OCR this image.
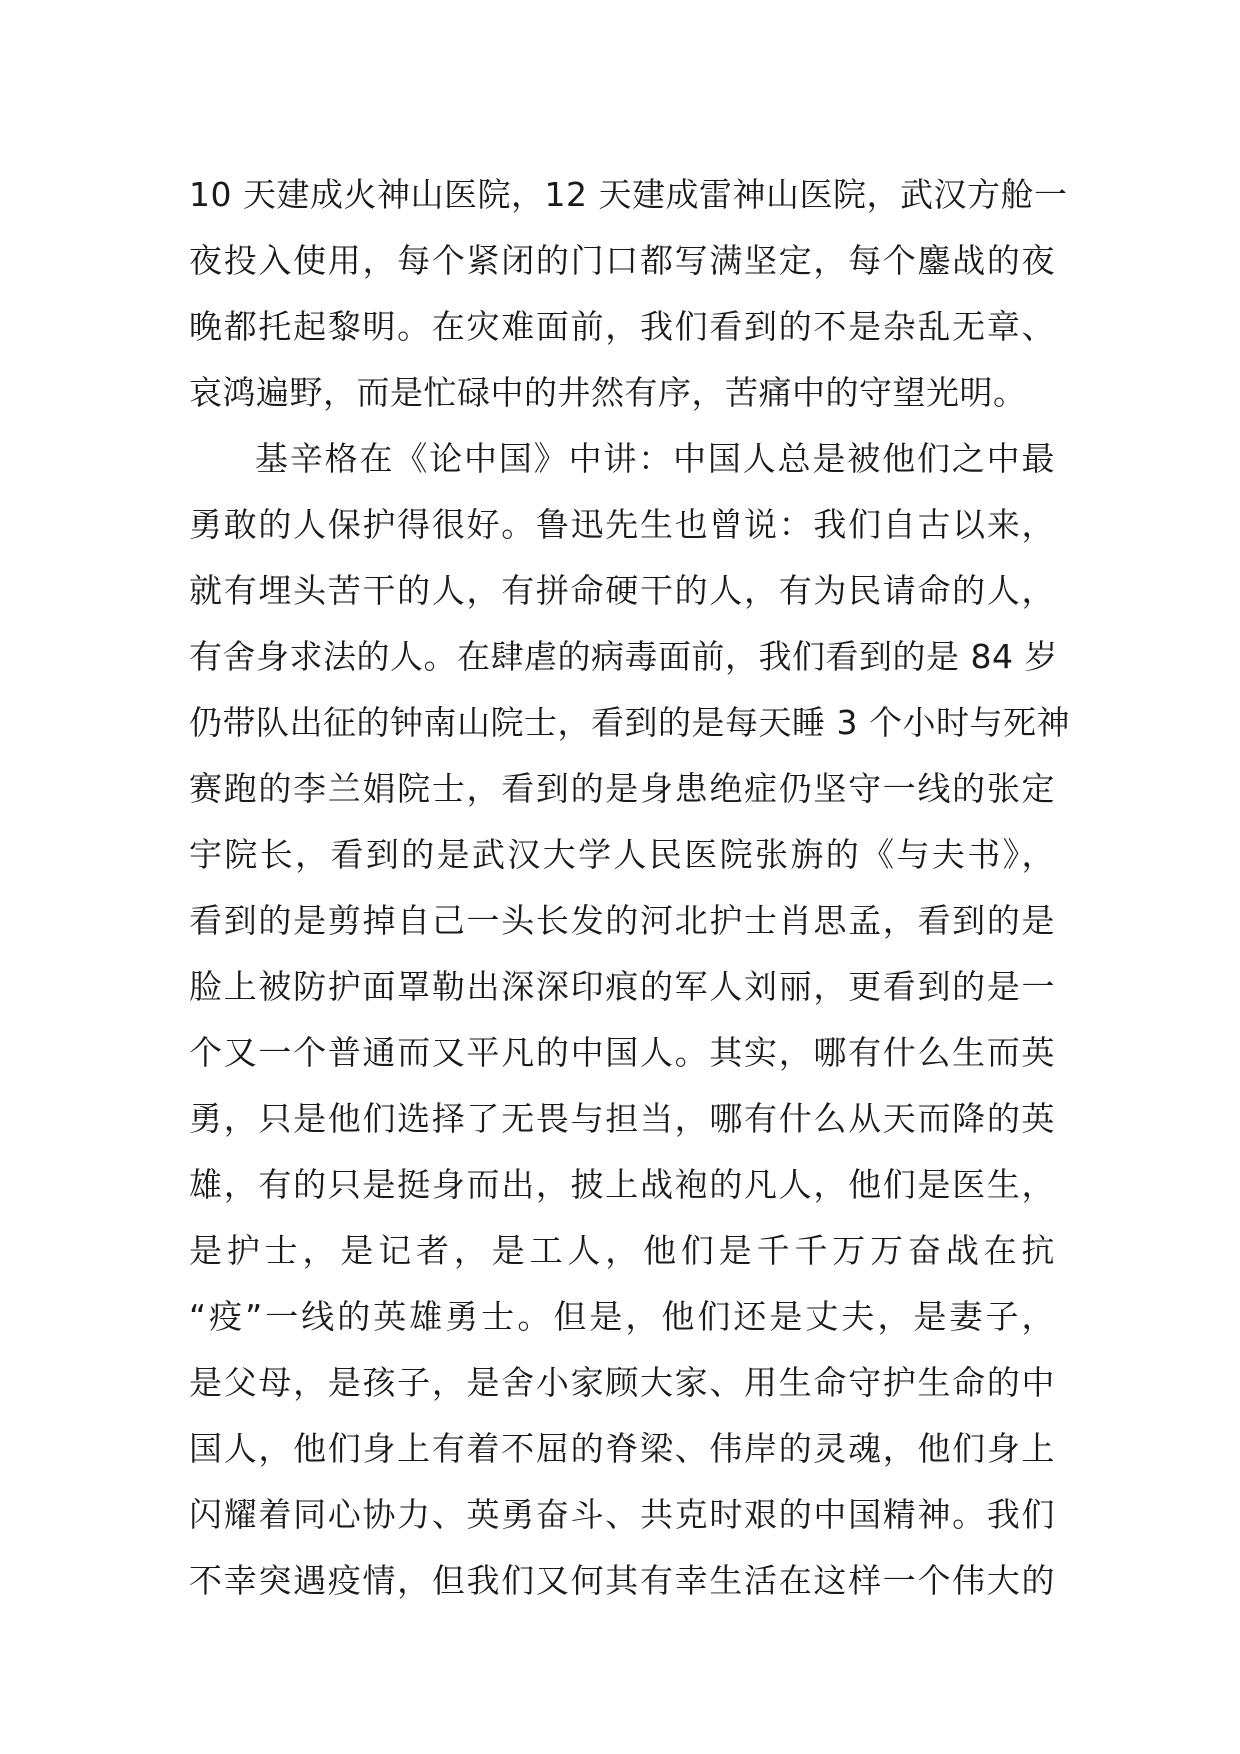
10 天建成火神山医院，12 天建成雷神山医院，武汉方舱一
夜投入使用，每个紧闭的门口都写满坚定，每个鏖战的夜
晚都托起黎明。在灾难面前，我们看到的不是杂乱无章、
哀鸿遍野，而是忙碌中的井然有序，苦痛中的守望光明。
基辛格在《论中国》中讲：中国人总是被他们之中最
勇敢的人保护得很好。鲁迅先生也曾说：我们自古以来，
就有埋头苦干的人，有拼命硬干的人，有为民请命的人，
有舍身求法的人。在肆虐的病毒面前，我们看到的是 84 岁
仍带队出征的钟南山院士，看到的是每天睡 3 个小时与死神
赛跑的李兰娟院士，看到的是身患绝症仍坚守一线的张定
宇院长，看到的是武汉大学人民医院张旃的《与夫书》，
看到的是剪掉自己一头长发的河北护士肖思孟，看到的是
脸上被防护面罩勒出深深印痕的军人刘丽，更看到的是一
个又一个普通而又平凡的中国人。其实，哪有什么生而英
勇，只是他们选择了无畏与担当，哪有什么从天而降的英
雄，有的只是挺身而出，披上战袍的凡人，他们是医生，
是护士，是记者，是工人，他们是千千万万奋战在抗
“疫”一线的英雄勇士。但是，他们还是丈夫，是妻子，
是父母，是孩子，是舍小家顾大家、用生命守护生命的中
国人，他们身上有着不屈的脊梁、伟岸的灵魂，他们身上
闪耀着同心协力、英勇奋斗、共克时艰的中国精神。我们
不幸突遇疫情，但我们又何其有幸生活在这样一个伟大的
